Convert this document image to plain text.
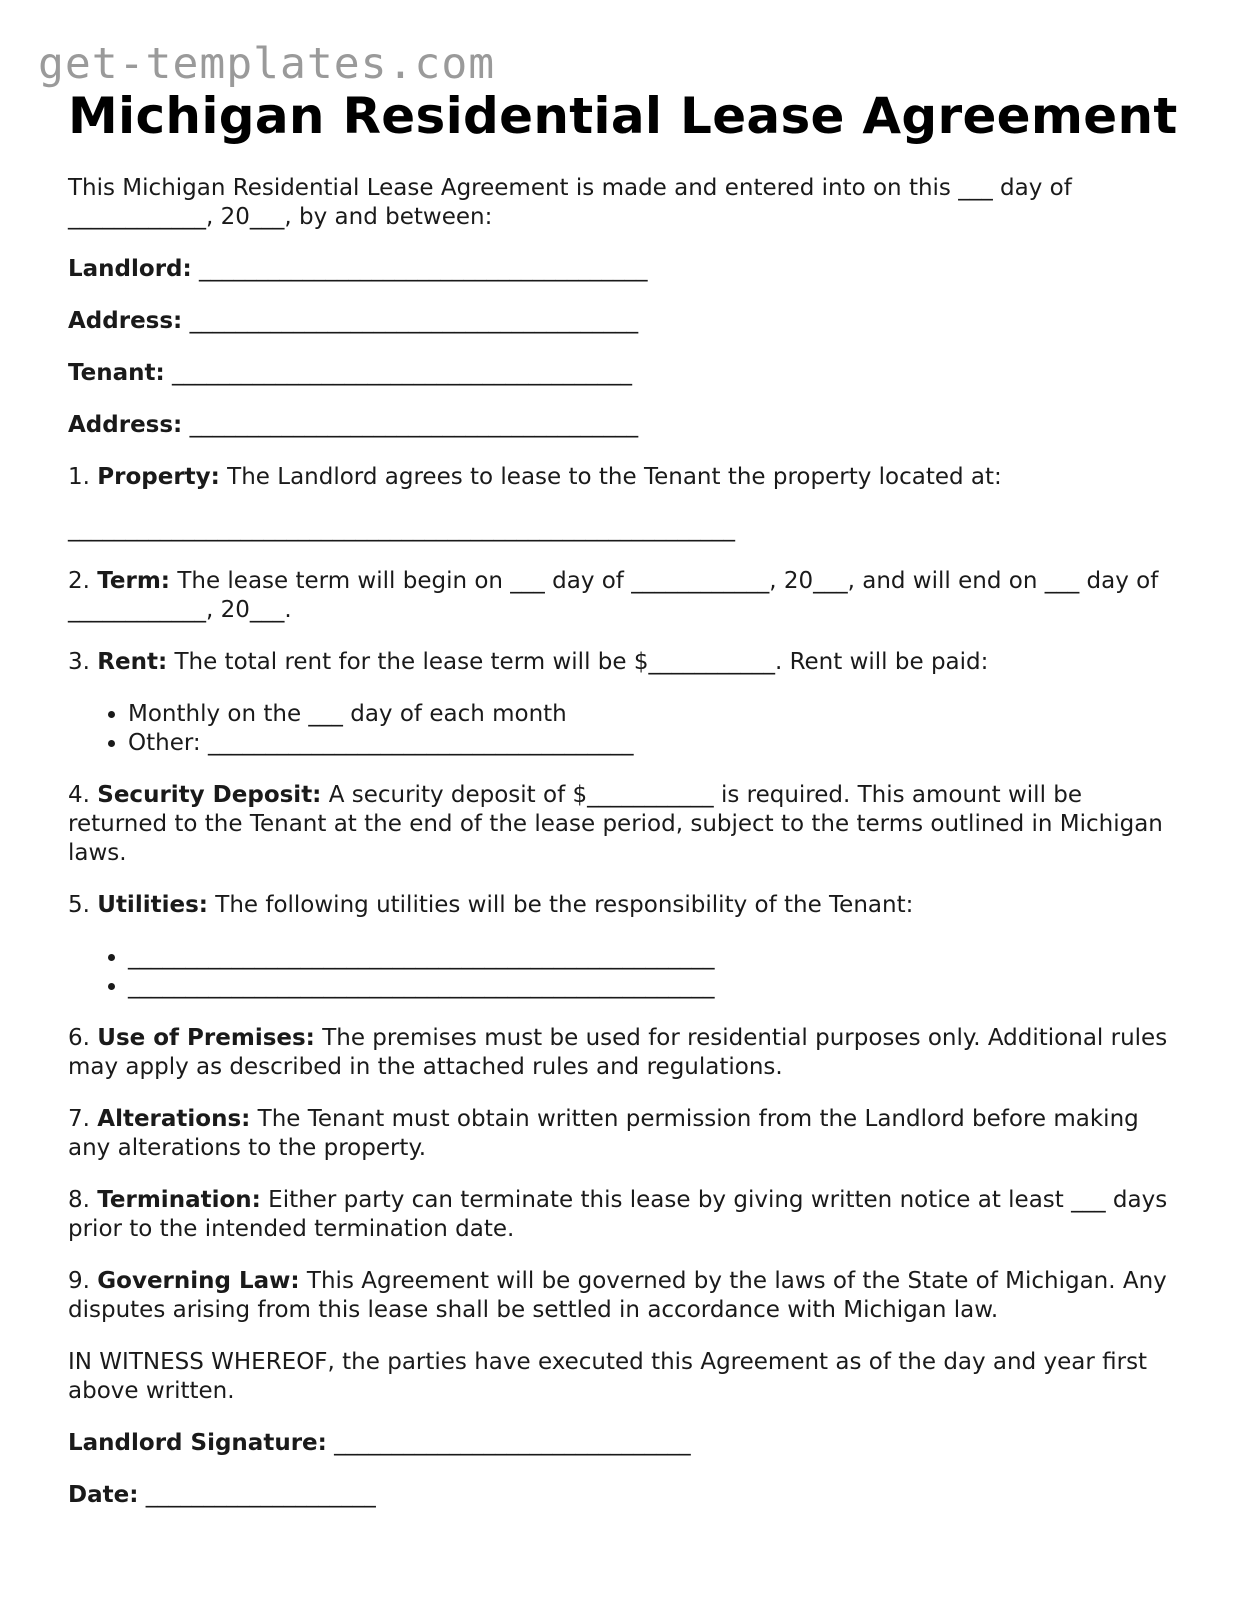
get-templates.com
Michigan Residential Lease Agreement

This Michigan Residential Lease Agreement is made and entered into on this ___ day of ____________, 20___, by and between:

Landlord: _______________________________________

Address: _______________________________________

Tenant: ________________________________________

Address: _______________________________________

1. Property: The Landlord agrees to lease to the Tenant the property located at:

__________________________________________________________

2. Term: The lease term will begin on ___ day of ____________, 20___, and will end on ___ day of ____________, 20___.

3. Rent: The total rent for the lease term will be $___________. Rent will be paid:

• Monthly on the ___ day of each month
• Other: _____________________________________

4. Security Deposit: A security deposit of $___________ is required. This amount will be returned to the Tenant at the end of the lease period, subject to the terms outlined in Michigan laws.

5. Utilities: The following utilities will be the responsibility of the Tenant:

• ___________________________________________________
• ___________________________________________________

6. Use of Premises: The premises must be used for residential purposes only. Additional rules may apply as described in the attached rules and regulations.

7. Alterations: The Tenant must obtain written permission from the Landlord before making any alterations to the property.

8. Termination: Either party can terminate this lease by giving written notice at least ___ days prior to the intended termination date.

9. Governing Law: This Agreement will be governed by the laws of the State of Michigan. Any disputes arising from this lease shall be settled in accordance with Michigan law.

IN WITNESS WHEREOF, the parties have executed this Agreement as of the day and year first above written.

Landlord Signature: _______________________________

Date: ____________________
